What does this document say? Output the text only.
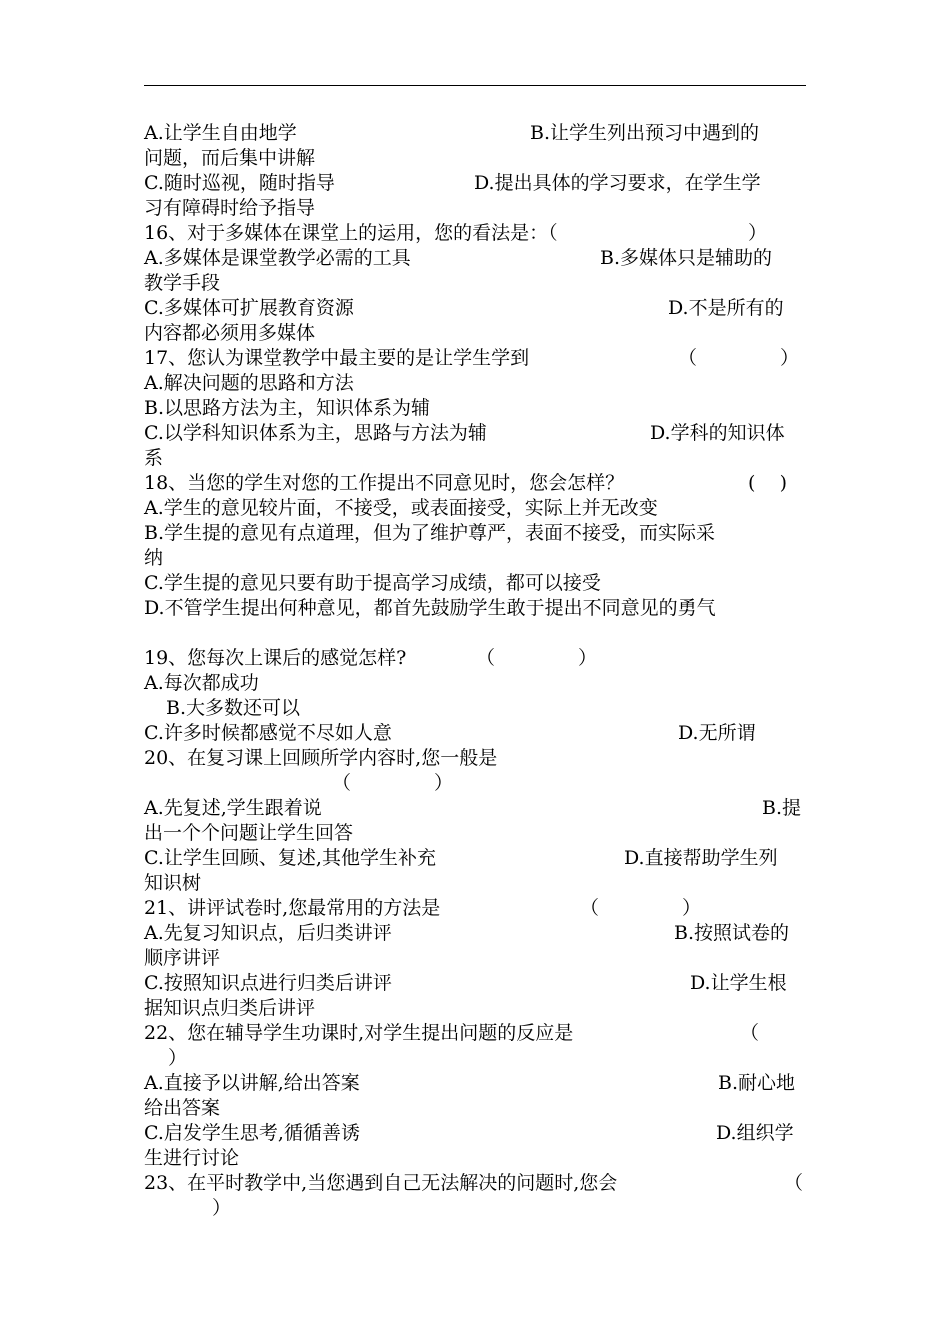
A.让学生自由地学	B.让学生列出预习中遇到的
问题，而后集中讲解
C.随时巡视，随时指导	D.提出具体的学习要求，在学生学
习有障碍时给予指导
16、对于多媒体在课堂上的运用，您的看法是：（	）
A.多媒体是课堂教学必需的工具	B.多媒体只是辅助的
教学手段
C.多媒体可扩展教育资源	D.不是所有的
内容都必须用多媒体
17、您认为课堂教学中最主要的是让学生学到	（	）
A.解决问题的思路和方法
B.以思路方法为主，知识体系为辅
C.以学科知识体系为主，思路与方法为辅	D.学科的知识体
系
18、当您的学生对您的工作提出不同意见时，您会怎样？	(    )
A.学生的意见较片面，不接受，或表面接受，实际上并无改变
B.学生提的意见有点道理，但为了维护尊严，表面不接受，而实际采
纳
C.学生提的意见只要有助于提高学习成绩，都可以接受
D.不管学生提出何种意见，都首先鼓励学生敢于提出不同意见的勇气
19、您每次上课后的感觉怎样?	（	）
A.每次都成功
B.大多数还可以
C.许多时候都感觉不尽如人意	D.无所谓
20、在复习课上回顾所学内容时,您一般是
（	）
A.先复述,学生跟着说	B.提
出一个个问题让学生回答
C.让学生回顾、复述,其他学生补充	D.直接帮助学生列
知识树
21、讲评试卷时,您最常用的方法是	（	）
A.先复习知识点，后归类讲评	B.按照试卷的
顺序讲评
C.按照知识点进行归类后讲评	D.让学生根
据知识点归类后讲评
22、您在辅导学生功课时,对学生提出问题的反应是	（
）
A.直接予以讲解,给出答案	B.耐心地
给出答案
C.启发学生思考,循循善诱	D.组织学
生进行讨论
23、在平时教学中,当您遇到自己无法解决的问题时,您会	（
）
